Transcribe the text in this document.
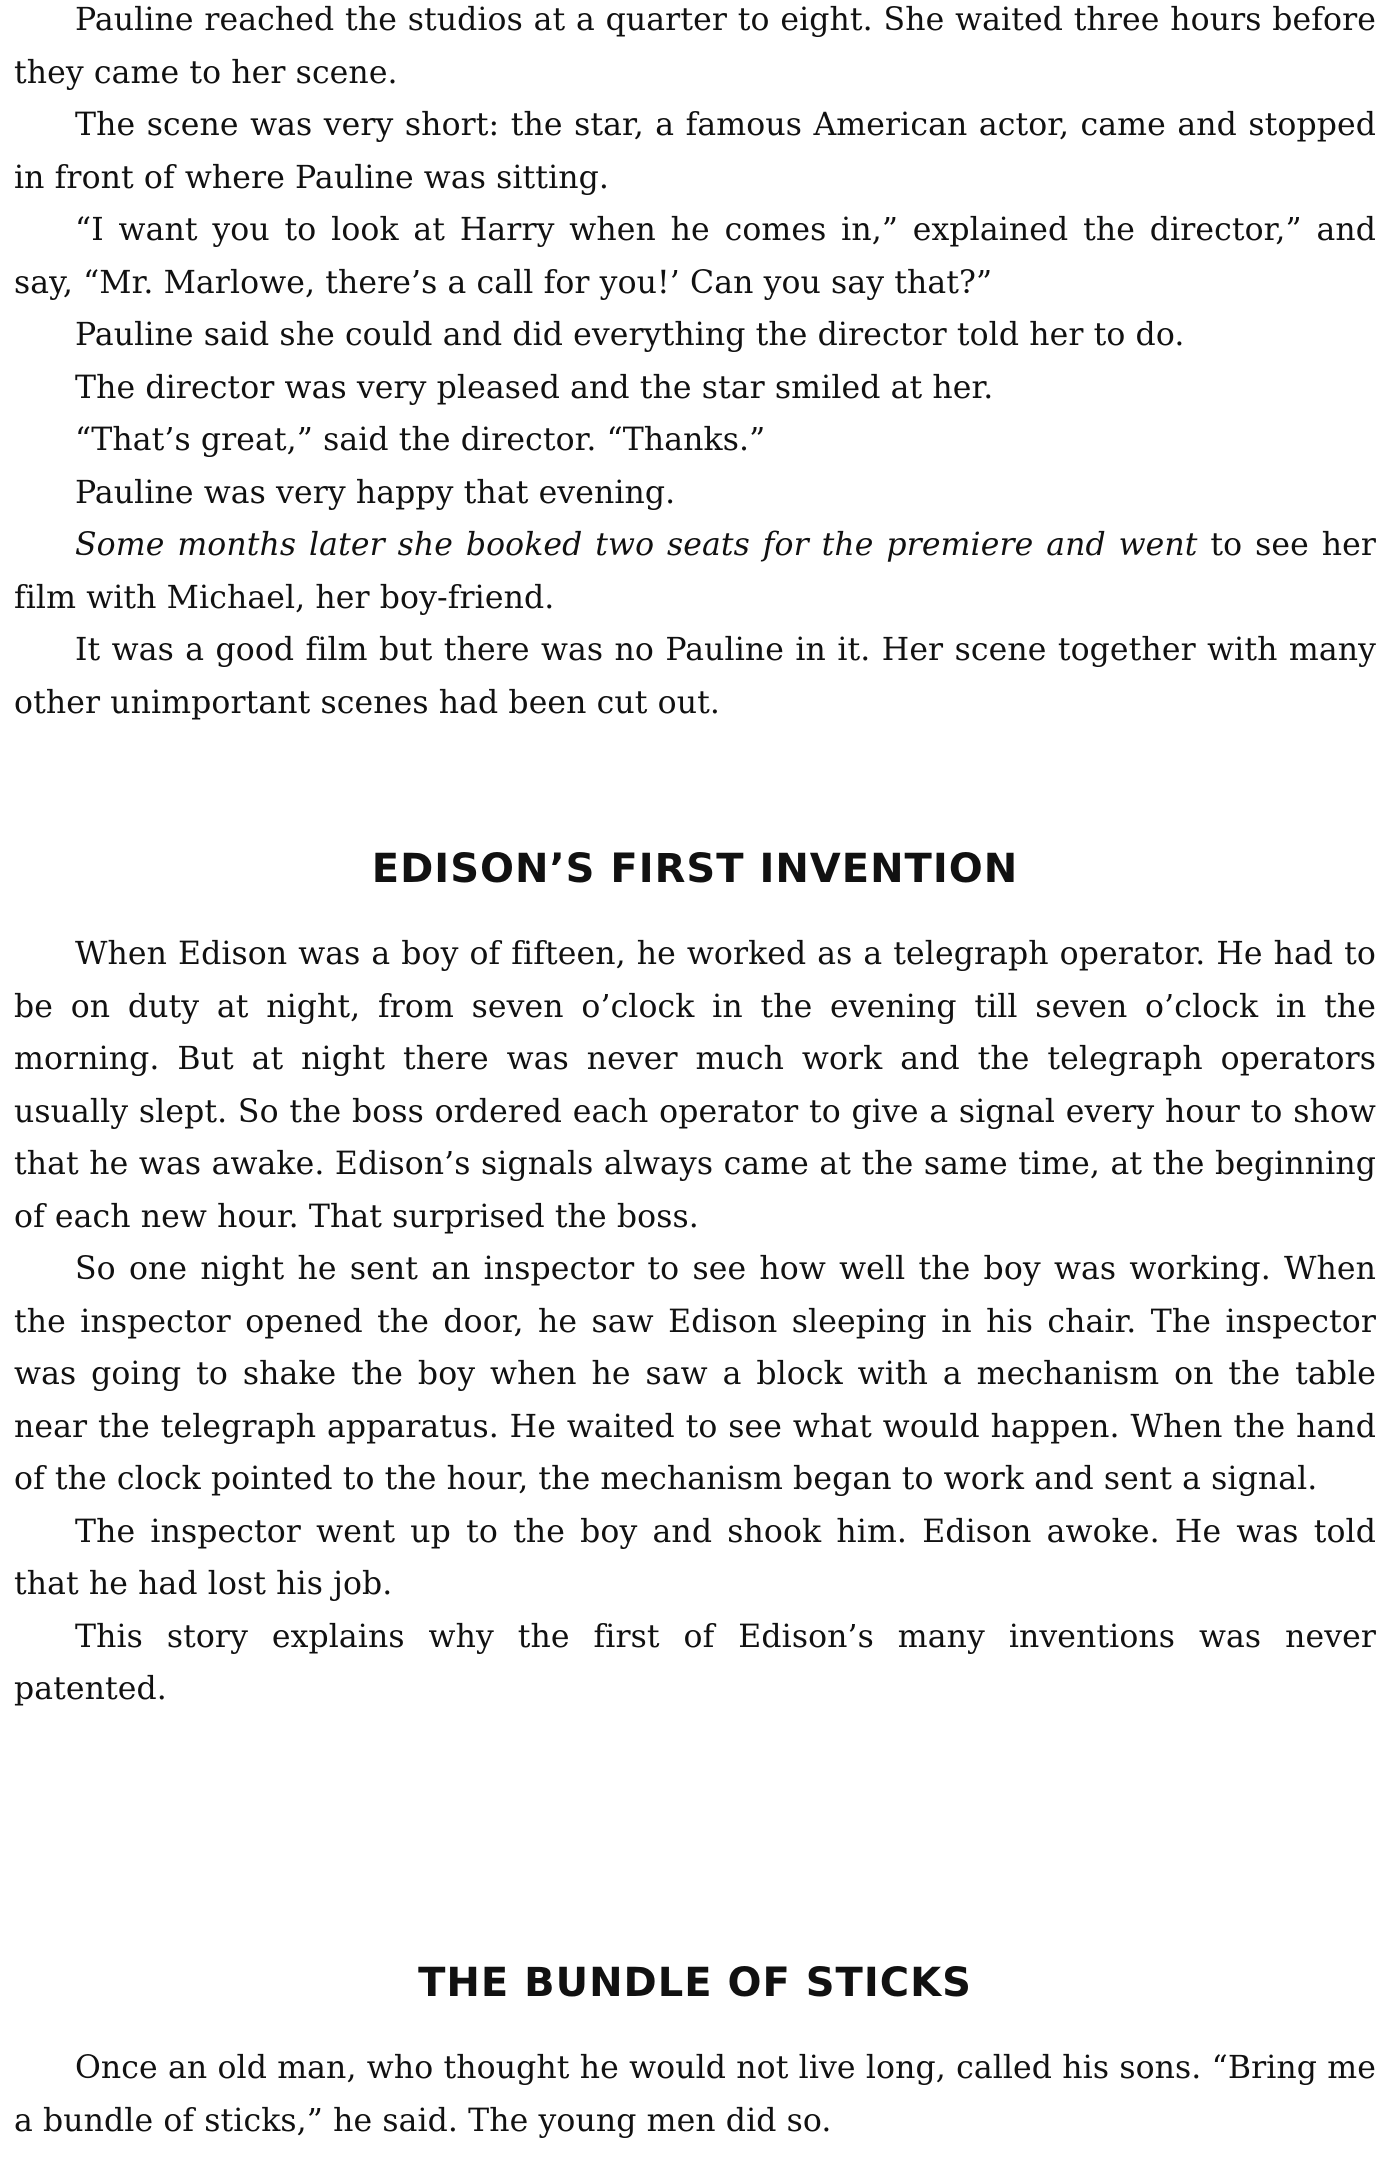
Pauline reached the studios at a quarter to eight. She waited three hours before they came to her scene.

The scene was very short: the star, a famous American actor, came and stopped in front of where Pauline was sitting.

“I want you to look at Harry when he comes in,” explained the director,” and say, “Mr. Marlowe, there’s a call for you!’ Can you say that?”

Pauline said she could and did everything the director told her to do.

The director was very pleased and the star smiled at her.

“That’s great,” said the director. “Thanks.”

Pauline was very happy that evening.

Some months later she booked two seats for the premiere and went to see her film with Michael, her boy-friend.

It was a good film but there was no Pauline in it. Her scene together with many other unimportant scenes had been cut out.

EDISON’S FIRST INVENTION

When Edison was a boy of fifteen, he worked as a telegraph operator. He had to be on duty at night, from seven o’clock in the evening till seven o’clock in the morning. But at night there was never much work and the telegraph operators usually slept. So the boss ordered each operator to give a signal every hour to show that he was awake. Edison’s signals always came at the same time, at the beginning of each new hour. That surprised the boss.

So one night he sent an inspector to see how well the boy was working. When the inspector opened the door, he saw Edison sleeping in his chair. The inspector was going to shake the boy when he saw a block with a mechanism on the table near the telegraph apparatus. He waited to see what would happen. When the hand of the clock pointed to the hour, the mechanism began to work and sent a signal.

The inspector went up to the boy and shook him. Edison awoke. He was told that he had lost his job.

This story explains why the first of Edison’s many inventions was never patented.

THE BUNDLE OF STICKS

Once an old man, who thought he would not live long, called his sons. “Bring me a bundle of sticks,” he said. The young men did so.
